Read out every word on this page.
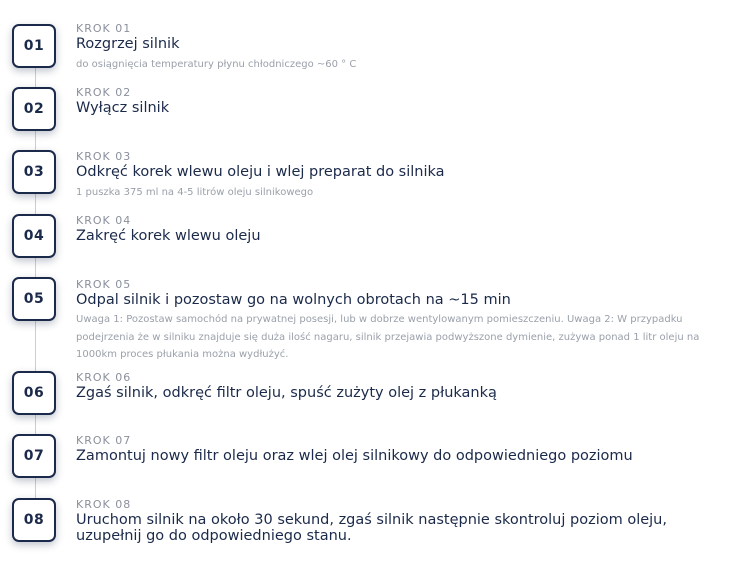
01
KROK 01
Rozgrzej silnik
do osiągnięcia temperatury płynu chłodniczego ~60 ° C
02
KROK 02
Wyłącz silnik
03
KROK 03
Odkręć korek wlewu oleju i wlej preparat do silnika
1 puszka 375 ml na 4-5 litrów oleju silnikowego
04
KROK 04
Zakręć korek wlewu oleju
05
KROK 05
Odpal silnik i pozostaw go na wolnych obrotach na ~15 min
Uwaga 1: Pozostaw samochód na prywatnej posesji, lub w dobrze wentylowanym pomieszczeniu. Uwaga 2: W przypadku podejrzenia że w silniku znajduje się duża ilość nagaru, silnik przejawia podwyższone dymienie, zużywa ponad 1 litr oleju na 1000km proces płukania można wydłużyć.
06
KROK 06
Zgaś silnik, odkręć filtr oleju, spuść zużyty olej z płukanką
07
KROK 07
Zamontuj nowy filtr oleju oraz wlej olej silnikowy do odpowiedniego poziomu
08
KROK 08
Uruchom silnik na około 30 sekund, zgaś silnik następnie skontroluj poziom oleju, uzupełnij go do odpowiedniego stanu.
